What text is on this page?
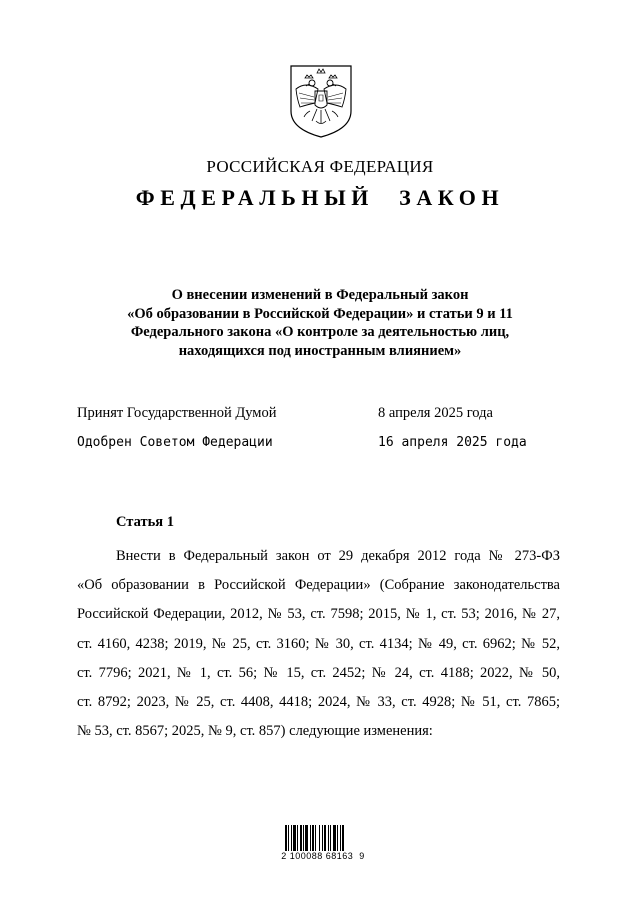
РОССИЙСКАЯ ФЕДЕРАЦИЯ
ФЕДЕРАЛЬНЫЙ ЗАКОН
О внесении изменений в Федеральный закон
«Об образовании в Российской Федерации» и статьи 9 и 11
Федерального закона «О контроле за деятельностью лиц,
находящихся под иностранным влиянием»
Принят Государственной Думой	8 апреля 2025 года
Одобрен Советом Федерации	16 апреля 2025 года
Статья 1
Внести в Федеральный закон от 29 декабря 2012 года № 273-ФЗ
«Об образовании в Российской Федерации» (Собрание законодательства
Российской Федерации, 2012, № 53, ст. 7598; 2015, № 1, ст. 53; 2016, № 27,
ст. 4160, 4238; 2019, № 25, ст. 3160; № 30, ст. 4134; № 49, ст. 6962; № 52,
ст. 7796; 2021, № 1, ст. 56; № 15, ст. 2452; № 24, ст. 4188; 2022, № 50,
ст. 8792; 2023, № 25, ст. 4408, 4418; 2024, № 33, ст. 4928; № 51, ст. 7865;
№ 53, ст. 8567; 2025, № 9, ст. 857) следующие изменения:
2 100088 68163  9
